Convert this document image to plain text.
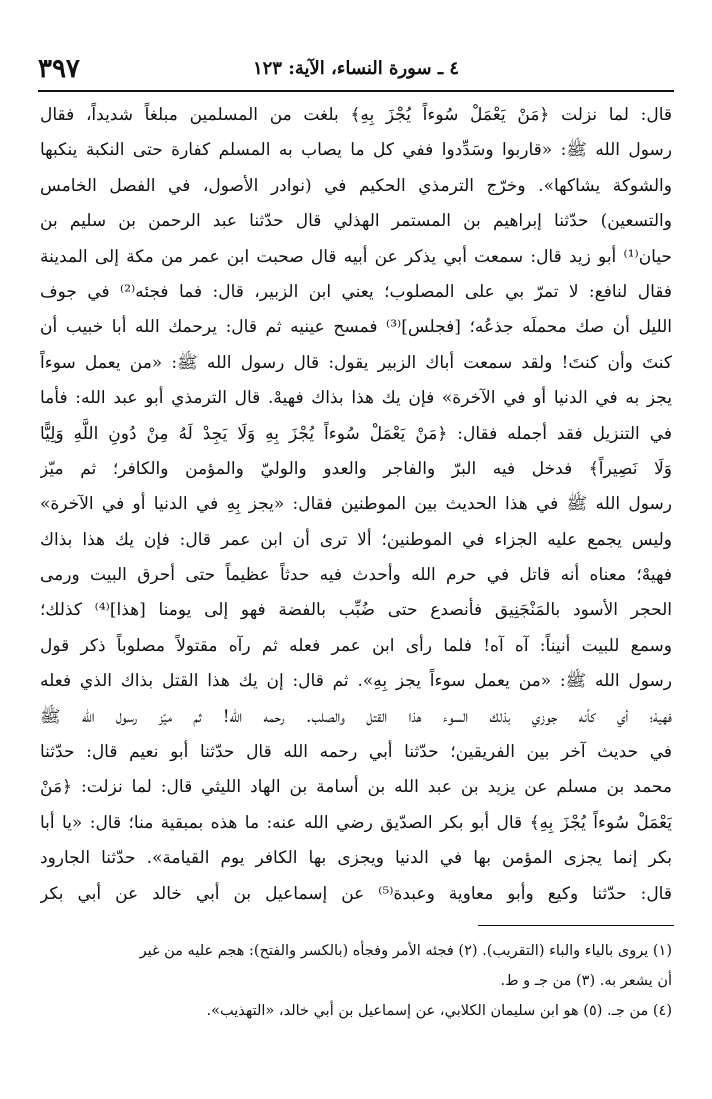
٣٩٧	٤ ـ سورة النساء، الآية: ١٢٣
قال: لما نزلت ﴿مَنْ يَعْمَلْ سُوءاً يُجْزَ بِهِ﴾ بلغت من المسلمين مبلغاً شديداً، فقال
رسول الله ﷺ: «قاربوا وسَدِّدوا ففي كل ما يصاب به المسلم كفارة حتى النكبة ينكبها
والشوكة يشاكها». وخرّج الترمذي الحكيم في (نوادر الأصول، في الفصل الخامس
والتسعين) حدّثنا إبراهيم بن المستمر الهذلي قال حدّثنا عبد الرحمن بن سليم بن
حيان⁽¹⁾ أبو زيد قال: سمعت أبي يذكر عن أبيه قال صحبت ابن عمر من مكة إلى المدينة
فقال لنافع: لا تمرّ بي على المصلوب؛ يعني ابن الزبير، قال: فما فجئه⁽²⁾ في جوف
الليل أن صك محملَه جذعُه؛ [فجلس]⁽³⁾ فمسح عينيه ثم قال: يرحمك الله أبا خبيب أن
كنتَ وأن كنتَ! ولقد سمعت أباك الزبير يقول: قال رسول الله ﷺ: «من يعمل سوءاً
يجز به في الدنيا أو في الآخرة» فإن يك هذا بذاك فهيهْ. قال الترمذي أبو عبد الله: فأما
في التنزيل فقد أجمله فقال: ﴿مَنْ يَعْمَلْ سُوءاً يُجْزَ بِهِ وَلَا يَجِدْ لَهُ مِنْ دُونِ اللَّهِ وَلِيًّا
وَلَا نَصِيراً﴾ فدخل فيه البرّ والفاجر والعدو والوليّ والمؤمن والكافر؛ ثم ميّز
رسول الله ﷺ في هذا الحديث بين الموطنين فقال: «يجز بِهِ في الدنيا أو في الآخرة»
وليس يجمع عليه الجزاء في الموطنين؛ ألا ترى أن ابن عمر قال: فإن يك هذا بذاك
فهيهْ؛ معناه أنه قاتل في حرم الله وأحدث فيه حدثاً عظيماً حتى أحرق البيت ورمى
الحجر الأسود بالمَنْجَنِيق فأنصدع حتى ضُبِّب بالفضة فهو إلى يومنا [هذا]⁽⁴⁾ كذلك؛
وسمع للبيت أنيناً: آه آه! فلما رأى ابن عمر فعله ثم رآه مقتولاً مصلوباً ذكر قول
رسول الله ﷺ: «من يعمل سوءاً يجز بِهِ». ثم قال: إن يك هذا القتل بذاك الذي فعله
فهيهْ؛ أي كأنه جوزي بذلك السوء هذا القتل والصلب. رحمه الله! ثم ميّز رسول الله ﷺ
في حديث آخر بين الفريقين؛ حدّثنا أبي رحمه الله قال حدّثنا أبو نعيم قال: حدّثنا
محمد بن مسلم عن يزيد بن عبد الله بن أسامة بن الهاد الليثي قال: لما نزلت: ﴿مَنْ
يَعْمَلْ سُوءاً يُجْزَ بِهِ﴾ قال أبو بكر الصدّيق رضي الله عنه: ما هذه بمبقية منا؛ قال: «يا أبا
بكر إنما يجزى المؤمن بها في الدنيا ويجزى بها الكافر يوم القيامة». حدّثنا الجارود
قال: حدّثنا وكيع وأبو معاوية وعبدة⁽⁵⁾ عن إسماعيل بن أبي خالد عن أبي بكر
(١) يروى بالياء والباء (التقريب). (٢) فجئه الأمر وفجأه (بالكسر والفتح): هجم عليه من غير
أن يشعر به. (٣) من جـ و ط.
(٤) من جـ. (٥) هو ابن سليمان الكلابي، عن إسماعيل بن أبي خالد، «التهذيب».
